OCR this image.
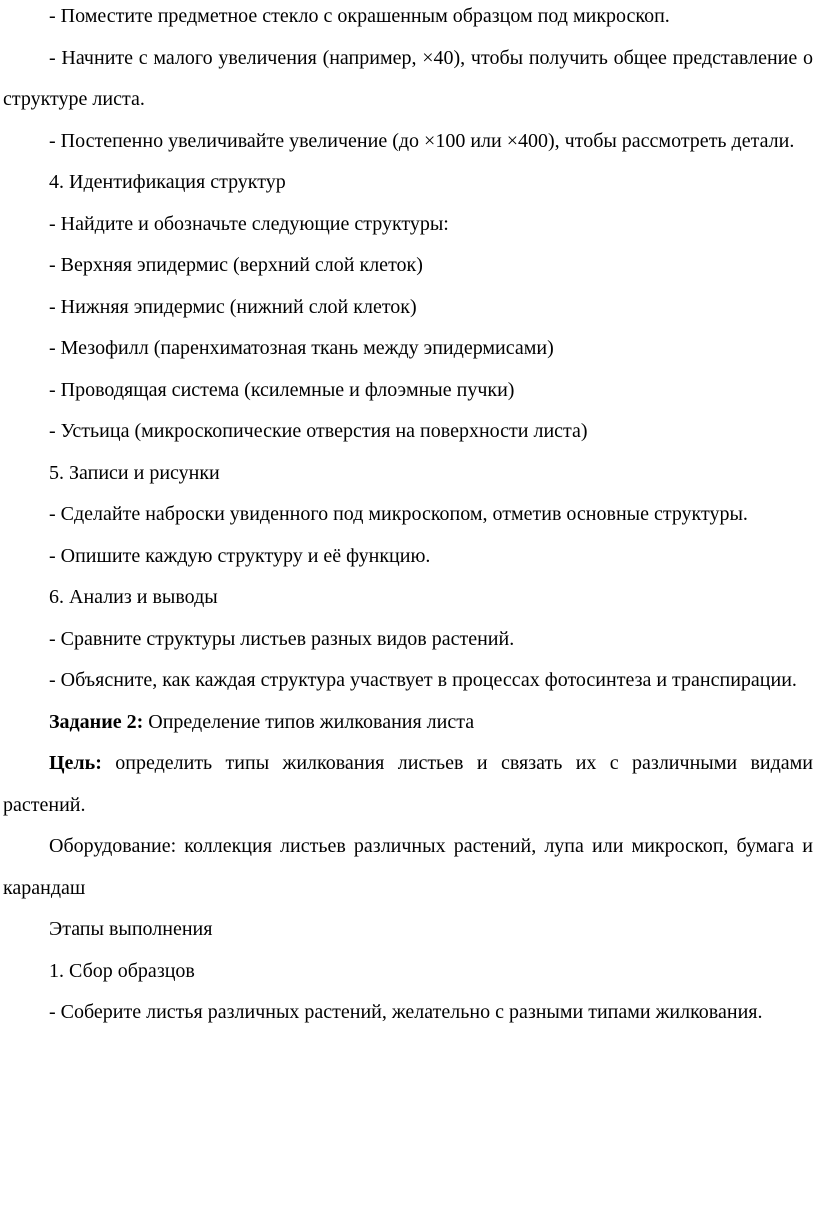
- Поместите предметное стекло с окрашенным образцом под микроскоп.

- Начните с малого увеличения (например, ×40), чтобы получить общее представление о структуре листа.

- Постепенно увеличивайте увеличение (до ×100 или ×400), чтобы рассмотреть детали.

4. Идентификация структур

- Найдите и обозначьте следующие структуры:

- Верхняя эпидермис (верхний слой клеток)

- Нижняя эпидермис (нижний слой клеток)

- Мезофилл (паренхиматозная ткань между эпидермисами)

- Проводящая система (ксилемные и флоэмные пучки)

- Устьица (микроскопические отверстия на поверхности листа)

5. Записи и рисунки

- Сделайте наброски увиденного под микроскопом, отметив основные структуры.

- Опишите каждую структуру и её функцию.

6. Анализ и выводы

- Сравните структуры листьев разных видов растений.

- Объясните, как каждая структура участвует в процессах фотосинтеза и транспирации.

Задание 2: Определение типов жилкования листа

Цель: определить типы жилкования листьев и связать их с различными видами растений.

Оборудование: коллекция листьев различных растений, лупа или микроскоп, бумага и карандаш

Этапы выполнения

1. Сбор образцов

- Соберите листья различных растений, желательно с разными типами жилкования.
